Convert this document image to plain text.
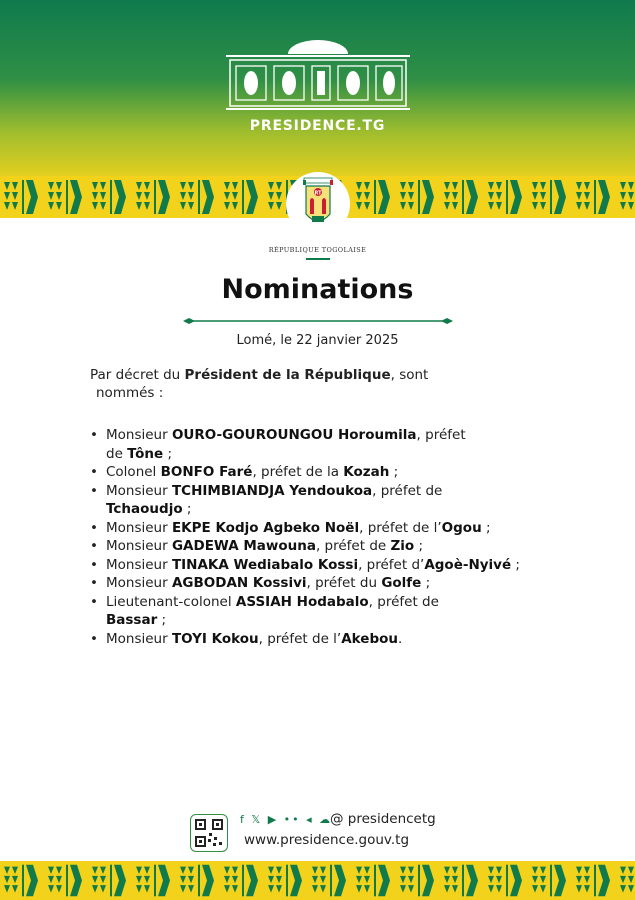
PRESIDENCE.TG
RT
RÉPUBLIQUE TOGOLAISE
Nominations
Lomé, le 22 janvier 2025
Par décret du Président de la République, sont
nommés :
• Monsieur OURO-GOUROUNGOU Horoumila, préfet
de Tône ;
• Colonel BONFO Faré, préfet de la Kozah ;
• Monsieur TCHIMBIANDJA Yendoukoa, préfet de
Tchaoudjo ;
• Monsieur EKPE Kodjo Agbeko Noël, préfet de l’Ogou ;
• Monsieur GADEWA Mawouna, préfet de Zio ;
• Monsieur TINAKA Wediabalo Kossi, préfet d’Agoè-Nyivé ;
• Monsieur AGBODAN Kossivi, préfet du Golfe ;
• Lieutenant-colonel ASSIAH Hodabalo, préfet de
Bassar ;
• Monsieur TOYI Kokou, préfet de l’Akebou.
f 𝕏 ▶ •• ◂ ☁
@ presidencetg
www.presidence.gouv.tg
